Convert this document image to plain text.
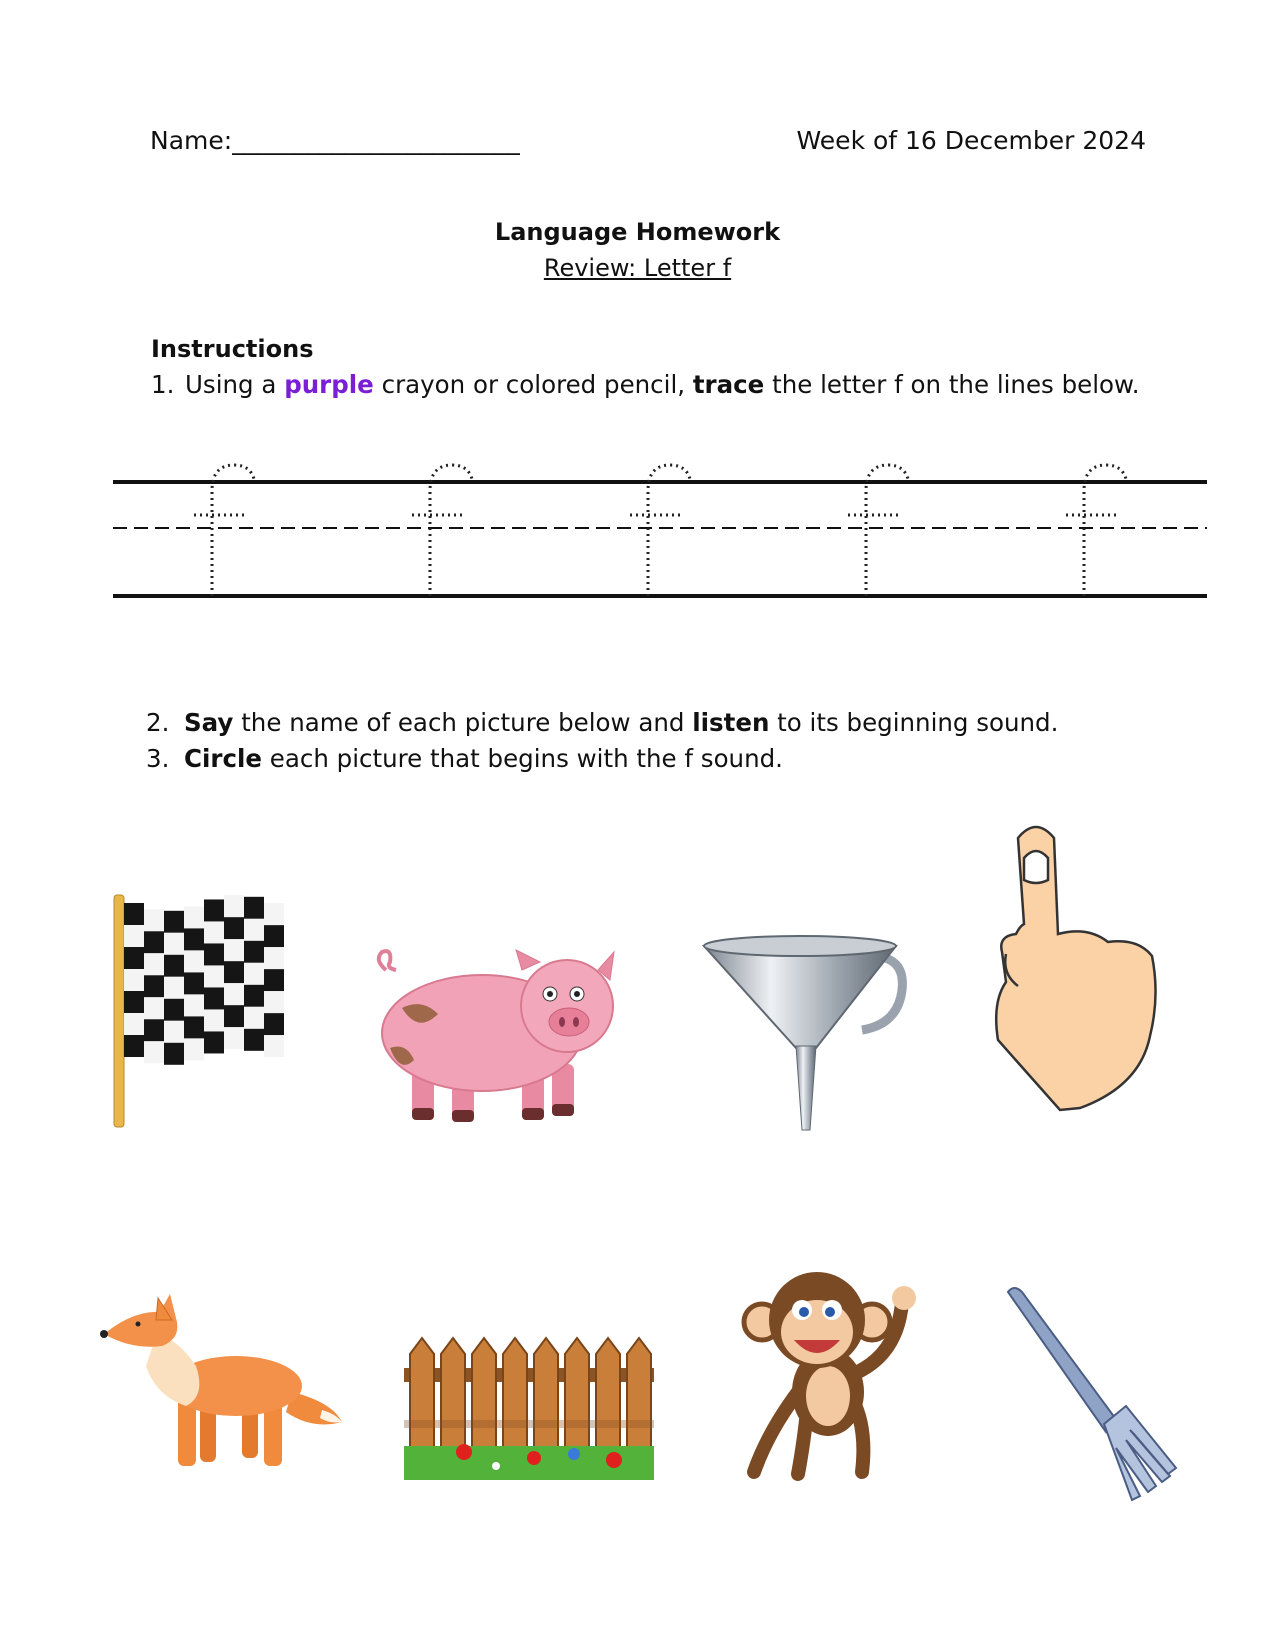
Name:_______________________	Week of 16 December 2024
Language Homework
Review: Letter f
Instructions
1. Using a purple crayon or colored pencil, trace the letter f on the lines below.
2. Say the name of each picture below and listen to its beginning sound.
3. Circle each picture that begins with the f sound.
